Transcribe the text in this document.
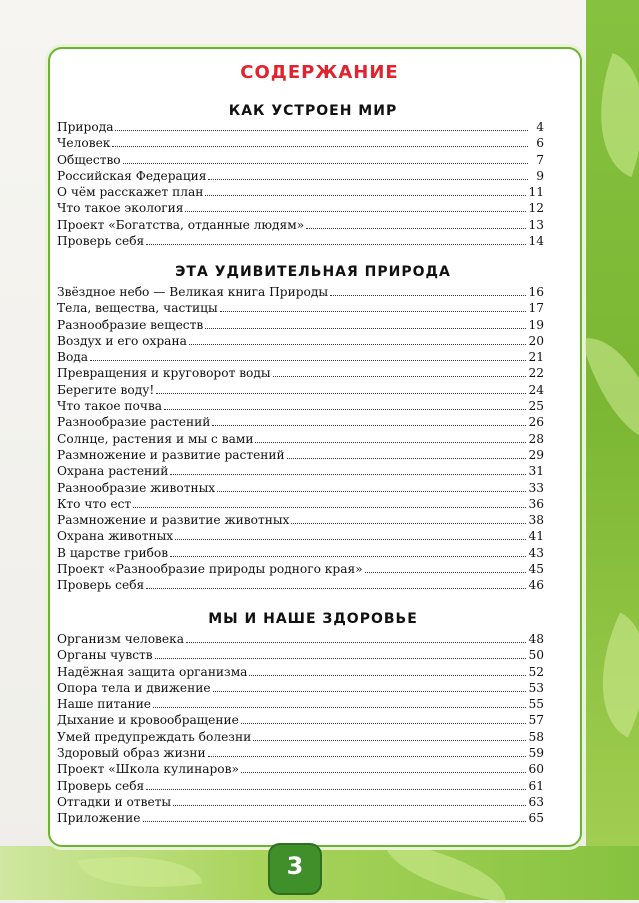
СОДЕРЖАНИЕ
КАК УСТРОЕН МИР
Природа	4
Человек	6
Общество	7
Российская Федерация	9
О чём расскажет план	11
Что такое экология	12
Проект «Богатства, отданные людям»	13
Проверь себя	14
ЭТА УДИВИТЕЛЬНАЯ ПРИРОДА
Звёздное небо — Великая книга Природы	16
Тела, вещества, частицы	17
Разнообразие веществ	19
Воздух и его охрана	20
Вода	21
Превращения и круговорот воды	22
Берегите воду!	24
Что такое почва	25
Разнообразие растений	26
Солнце, растения и мы с вами	28
Размножение и развитие растений	29
Охрана растений	31
Разнообразие животных	33
Кто что ест	36
Размножение и развитие животных	38
Охрана животных	41
В царстве грибов	43
Проект «Разнообразие природы родного края»	45
Проверь себя	46
МЫ И НАШЕ ЗДОРОВЬЕ
Организм человека	48
Органы чувств	50
Надёжная защита организма	52
Опора тела и движение	53
Наше питание	55
Дыхание и кровообращение	57
Умей предупреждать болезни	58
Здоровый образ жизни	59
Проект «Школа кулинаров»	60
Проверь себя	61
Отгадки и ответы	63
Приложение	65
3
